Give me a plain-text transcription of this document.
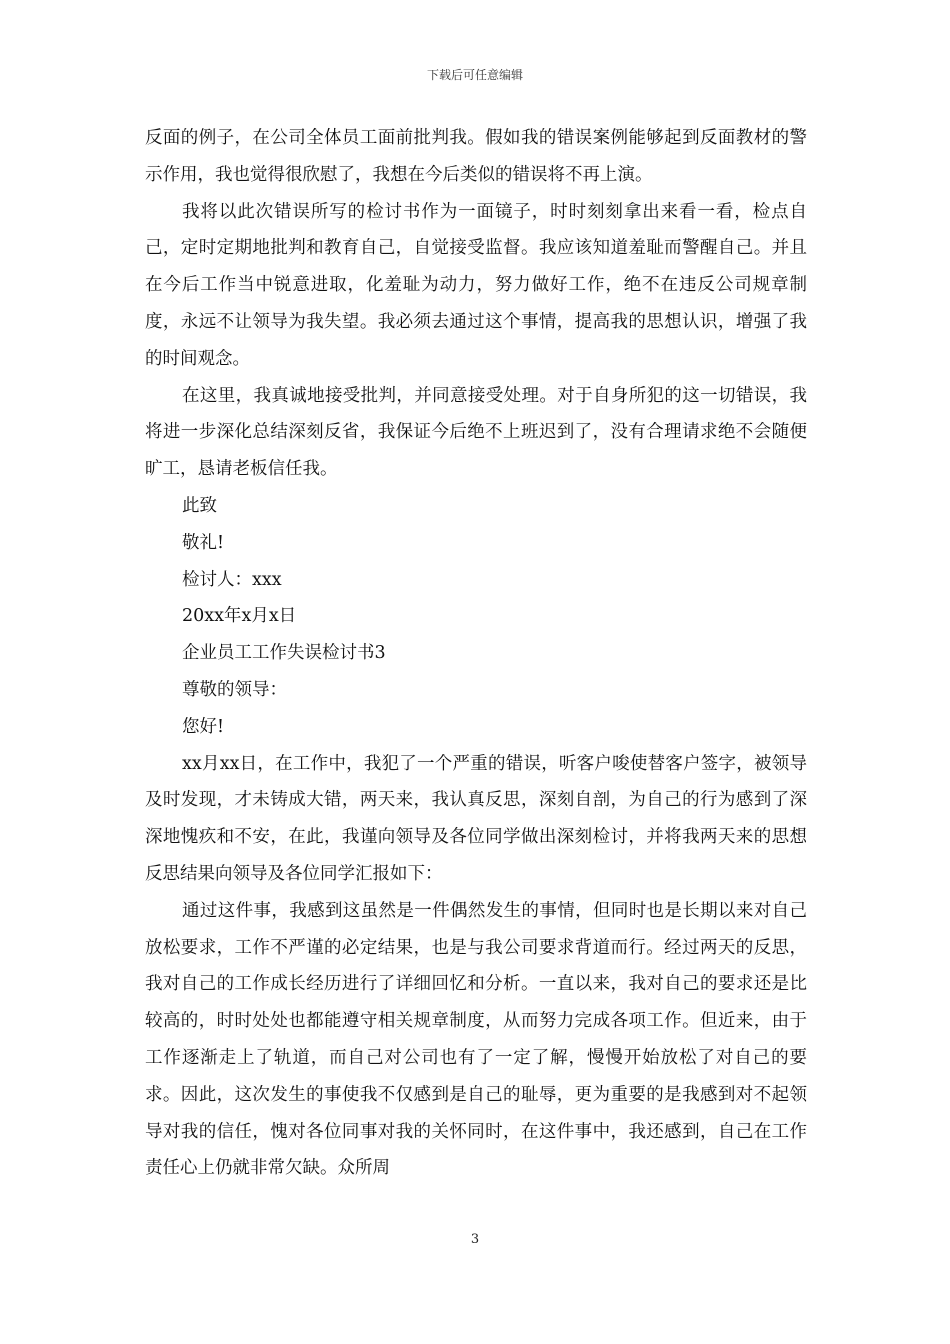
下载后可任意编辑

反面的例子，在公司全体员工面前批判我。假如我的错误案例能够起到反面教材的警示作用，我也觉得很欣慰了，我想在今后类似的错误将不再上演。

我将以此次错误所写的检讨书作为一面镜子，时时刻刻拿出来看一看，检点自己，定时定期地批判和教育自己，自觉接受监督。我应该知道羞耻而警醒自己。并且在今后工作当中锐意进取，化羞耻为动力，努力做好工作，绝不在违反公司规章制度，永远不让领导为我失望。我必须去通过这个事情，提高我的思想认识，增强了我的时间观念。

在这里，我真诚地接受批判，并同意接受处理。对于自身所犯的这一切错误，我将进一步深化总结深刻反省，我保证今后绝不上班迟到了，没有合理请求绝不会随便旷工，恳请老板信任我。

此致

敬礼!

检讨人：xxx

20xx年x月x日

企业员工工作失误检讨书3

尊敬的领导：

您好!

xx月xx日，在工作中，我犯了一个严重的错误，听客户唆使替客户签字，被领导及时发现，才未铸成大错，两天来，我认真反思，深刻自剖，为自己的行为感到了深深地愧疚和不安，在此，我谨向领导及各位同学做出深刻检讨，并将我两天来的思想反思结果向领导及各位同学汇报如下：

通过这件事，我感到这虽然是一件偶然发生的事情，但同时也是长期以来对自己放松要求，工作不严谨的必定结果，也是与我公司要求背道而行。经过两天的反思，我对自己的工作成长经历进行了详细回忆和分析。一直以来，我对自己的要求还是比较高的，时时处处也都能遵守相关规章制度，从而努力完成各项工作。但近来，由于工作逐渐走上了轨道，而自己对公司也有了一定了解，慢慢开始放松了对自己的要求。因此，这次发生的事使我不仅感到是自己的耻辱，更为重要的是我感到对不起领导对我的信任，愧对各位同事对我的关怀同时，在这件事中，我还感到，自己在工作责任心上仍就非常欠缺。众所周

3
